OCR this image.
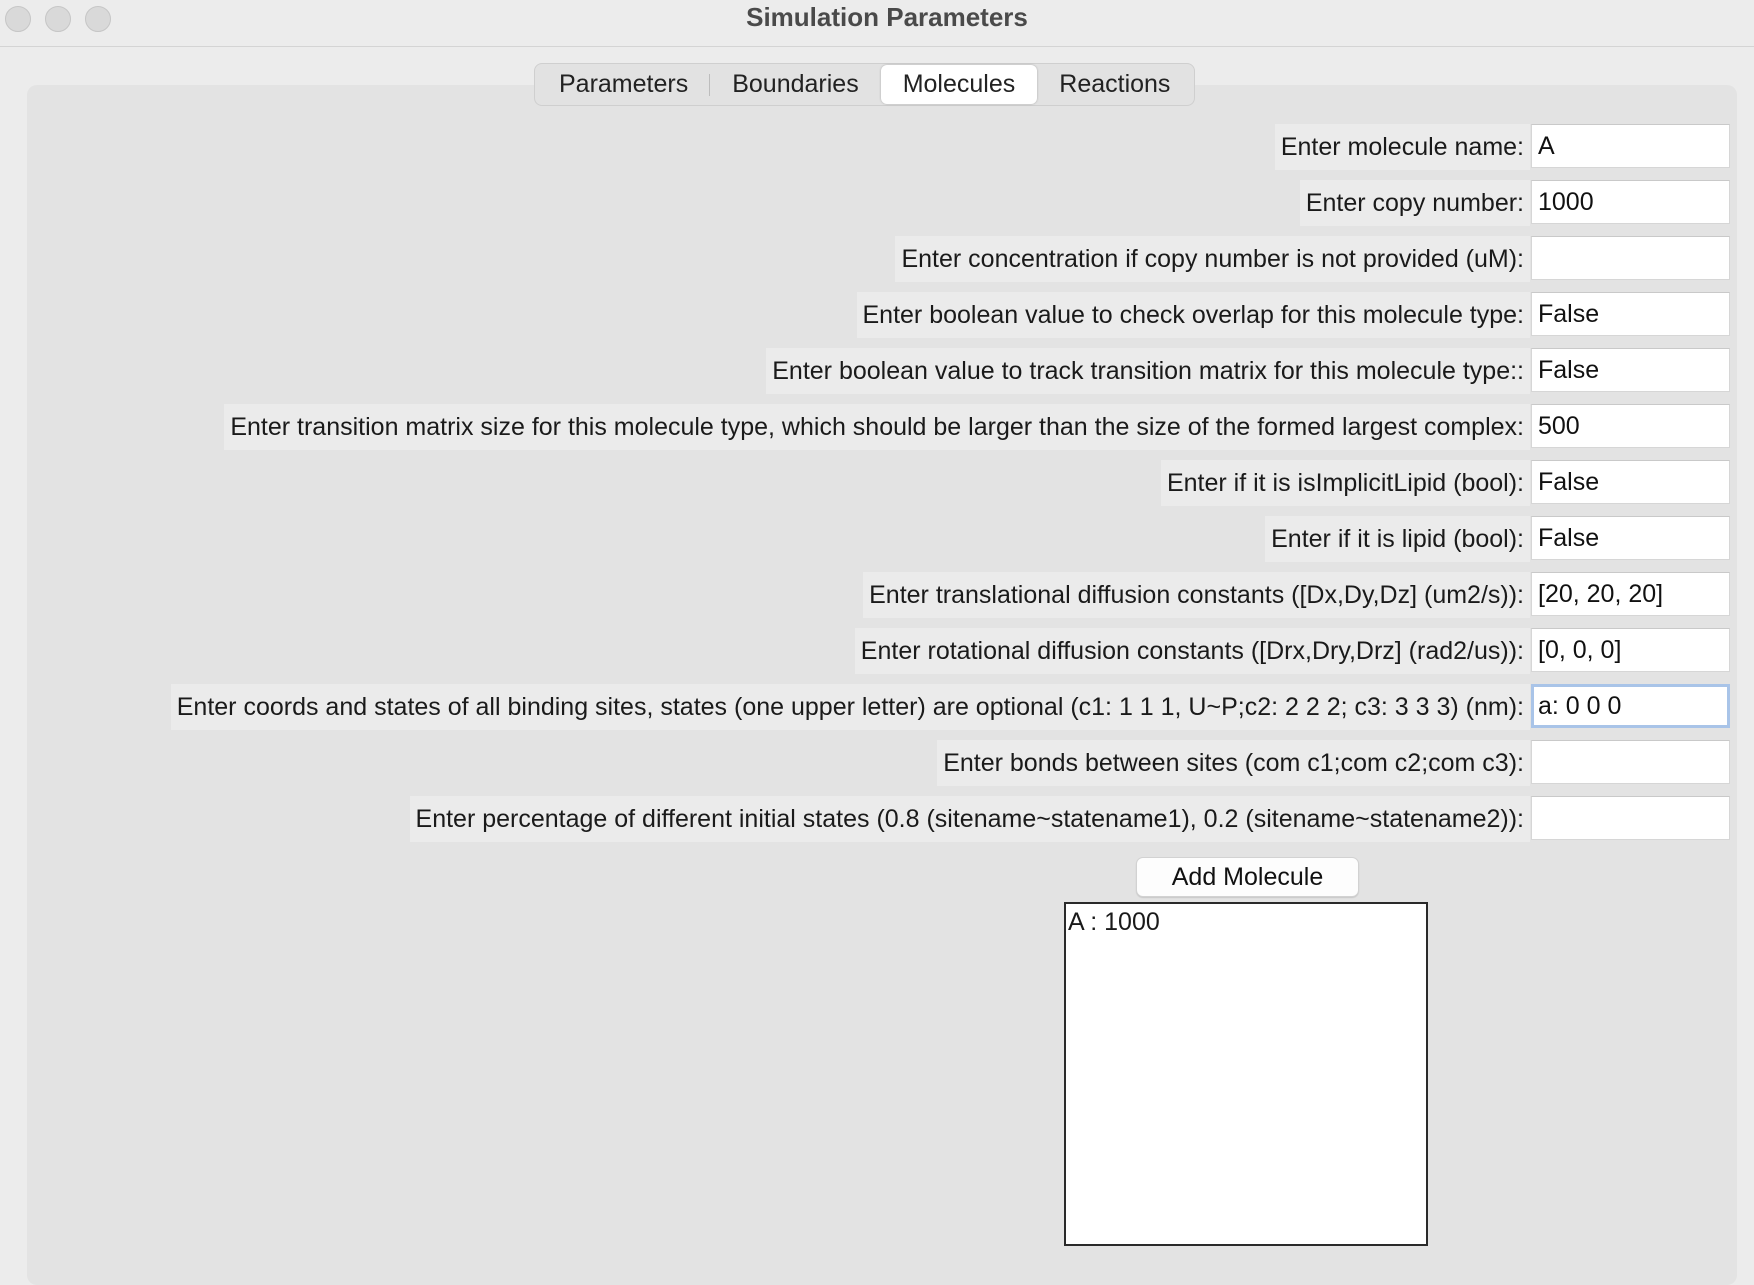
Simulation Parameters
Parameters	Boundaries	Molecules	Reactions
Enter molecule name:
A
Enter copy number:
1000
Enter concentration if copy number is not provided (uM):
Enter boolean value to check overlap for this molecule type:
False
Enter boolean value to track transition matrix for this molecule type::
False
Enter transition matrix size for this molecule type, which should be larger than the size of the formed largest complex:
500
Enter if it is isImplicitLipid (bool):
False
Enter if it is lipid (bool):
False
Enter translational diffusion constants ([Dx,Dy,Dz] (um2/s)):
[20, 20, 20]
Enter rotational diffusion constants ([Drx,Dry,Drz] (rad2/us)):
[0, 0, 0]
Enter coords and states of all binding sites, states (one upper letter) are optional (c1: 1 1 1, U~P;c2: 2 2 2; c3: 3 3 3) (nm):
a: 0 0 0
Enter bonds between sites (com c1;com c2;com c3):
Enter percentage of different initial states (0.8 (sitename~statename1), 0.2 (sitename~statename2)):
Add Molecule
A : 1000
